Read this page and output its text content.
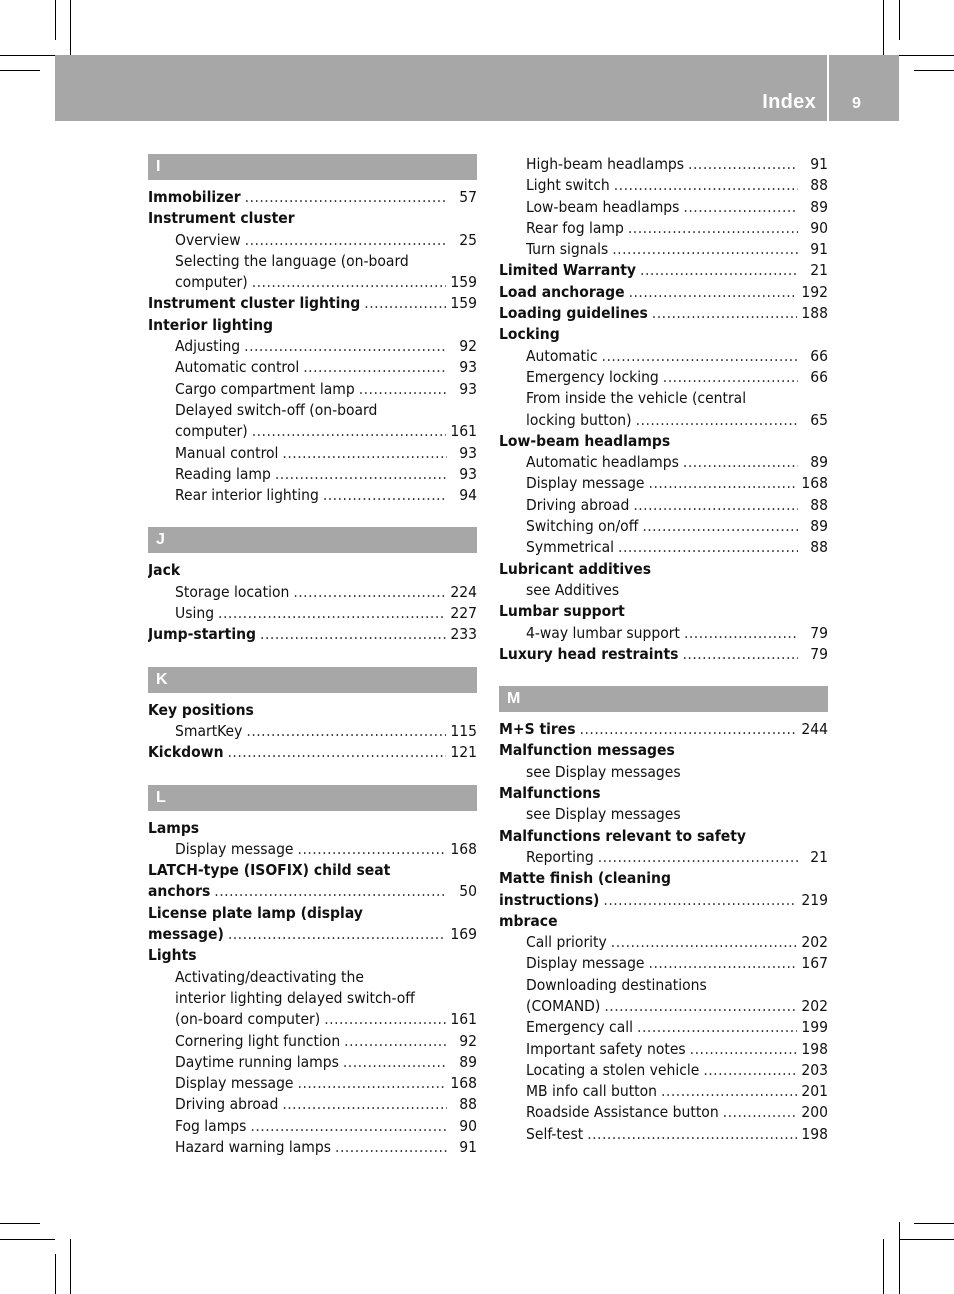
Index 9
I
Immobilizer .....	57
Instrument cluster
Overview .....	25
Selecting the language (on-board
computer) .....	159
Instrument cluster lighting .....	159
Interior lighting
Adjusting .....	92
Automatic control .....	93
Cargo compartment lamp .....	93
Delayed switch-off (on-board
computer) .....	161
Manual control .....	93
Reading lamp .....	93
Rear interior lighting .....	94
J
Jack
Storage location .....	224
Using .....	227
Jump-starting .....	233
K
Key positions
SmartKey .....	115
Kickdown .....	121
L
Lamps
Display message .....	168
LATCH-type (ISOFIX) child seat
anchors .....	50
License plate lamp (display
message) .....	169
Lights
Activating/deactivating the
interior lighting delayed switch-off
(on-board computer) .....	161
Cornering light function .....	92
Daytime running lamps .....	89
Display message .....	168
Driving abroad .....	88
Fog lamps .....	90
Hazard warning lamps .....	91
High-beam headlamps .....	91
Light switch .....	88
Low-beam headlamps .....	89
Rear fog lamp .....	90
Turn signals .....	91
Limited Warranty .....	21
Load anchorage .....	192
Loading guidelines .....	188
Locking
Automatic .....	66
Emergency locking .....	66
From inside the vehicle (central
locking button) .....	65
Low-beam headlamps
Automatic headlamps .....	89
Display message .....	168
Driving abroad .....	88
Switching on/off .....	89
Symmetrical .....	88
Lubricant additives
see Additives
Lumbar support
4-way lumbar support .....	79
Luxury head restraints .....	79
M
M+S tires .....	244
Malfunction messages
see Display messages
Malfunctions
see Display messages
Malfunctions relevant to safety
Reporting .....	21
Matte finish (cleaning
instructions) .....	219
mbrace
Call priority .....	202
Display message .....	167
Downloading destinations
(COMAND) .....	202
Emergency call .....	199
Important safety notes .....	198
Locating a stolen vehicle .....	203
MB info call button .....	201
Roadside Assistance button .....	200
Self-test .....	198
